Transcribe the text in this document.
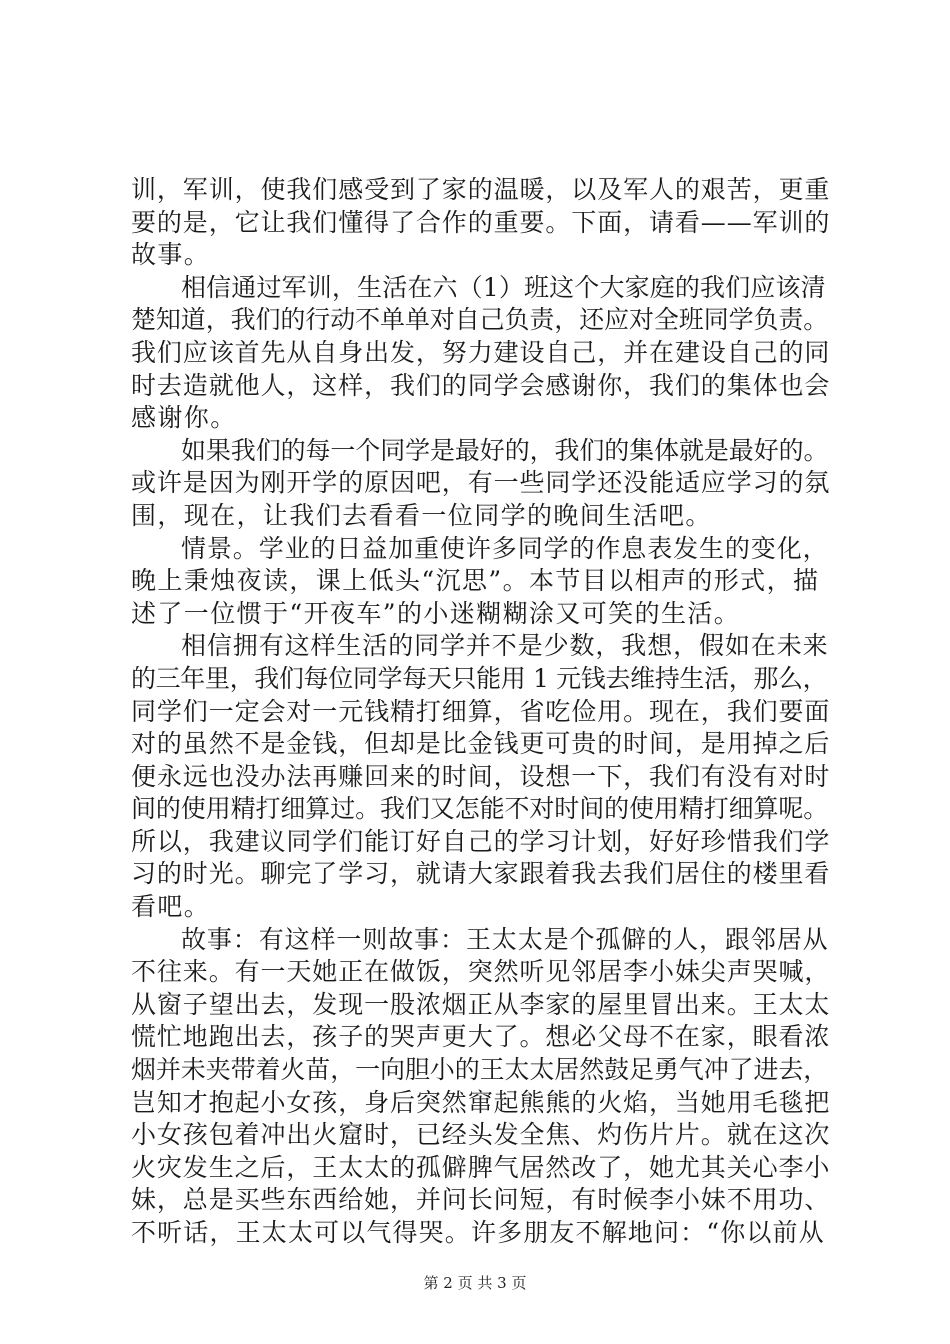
训，军训，使我们感受到了家的温暖，以及军人的艰苦，更重
要的是，它让我们懂得了合作的重要。下面，请看——军训的
故事。
相信通过军训，生活在六（1）班这个大家庭的我们应该清
楚知道，我们的行动不单单对自己负责，还应对全班同学负责。
我们应该首先从自身出发，努力建设自己，并在建设自己的同
时去造就他人，这样，我们的同学会感谢你，我们的集体也会
感谢你。
如果我们的每一个同学是最好的，我们的集体就是最好的。
或许是因为刚开学的原因吧，有一些同学还没能适应学习的氛
围，现在，让我们去看看一位同学的晚间生活吧。
情景。学业的日益加重使许多同学的作息表发生的变化，
晚上秉烛夜读，课上低头“沉思”。本节目以相声的形式，描
述了一位惯于“开夜车”的小迷糊糊涂又可笑的生活。
相信拥有这样生活的同学并不是少数，我想，假如在未来
的三年里，我们每位同学每天只能用 1 元钱去维持生活，那么，
同学们一定会对一元钱精打细算，省吃俭用。现在，我们要面
对的虽然不是金钱，但却是比金钱更可贵的时间，是用掉之后
便永远也没办法再赚回来的时间，设想一下，我们有没有对时
间的使用精打细算过。我们又怎能不对时间的使用精打细算呢。
所以，我建议同学们能订好自己的学习计划，好好珍惜我们学
习的时光。聊完了学习，就请大家跟着我去我们居住的楼里看
看吧。
故事：有这样一则故事：王太太是个孤僻的人，跟邻居从
不往来。有一天她正在做饭，突然听见邻居李小妹尖声哭喊，
从窗子望出去，发现一股浓烟正从李家的屋里冒出来。王太太
慌忙地跑出去，孩子的哭声更大了。想必父母不在家，眼看浓
烟并未夹带着火苗，一向胆小的王太太居然鼓足勇气冲了进去，
岂知才抱起小女孩，身后突然窜起熊熊的火焰，当她用毛毯把
小女孩包着冲出火窟时，已经头发全焦、灼伤片片。就在这次
火灾发生之后，王太太的孤僻脾气居然改了，她尤其关心李小
妹，总是买些东西给她，并问长问短，有时候李小妹不用功、
不听话，王太太可以气得哭。许多朋友不解地问：“你以前从
第 2 页 共 3 页
